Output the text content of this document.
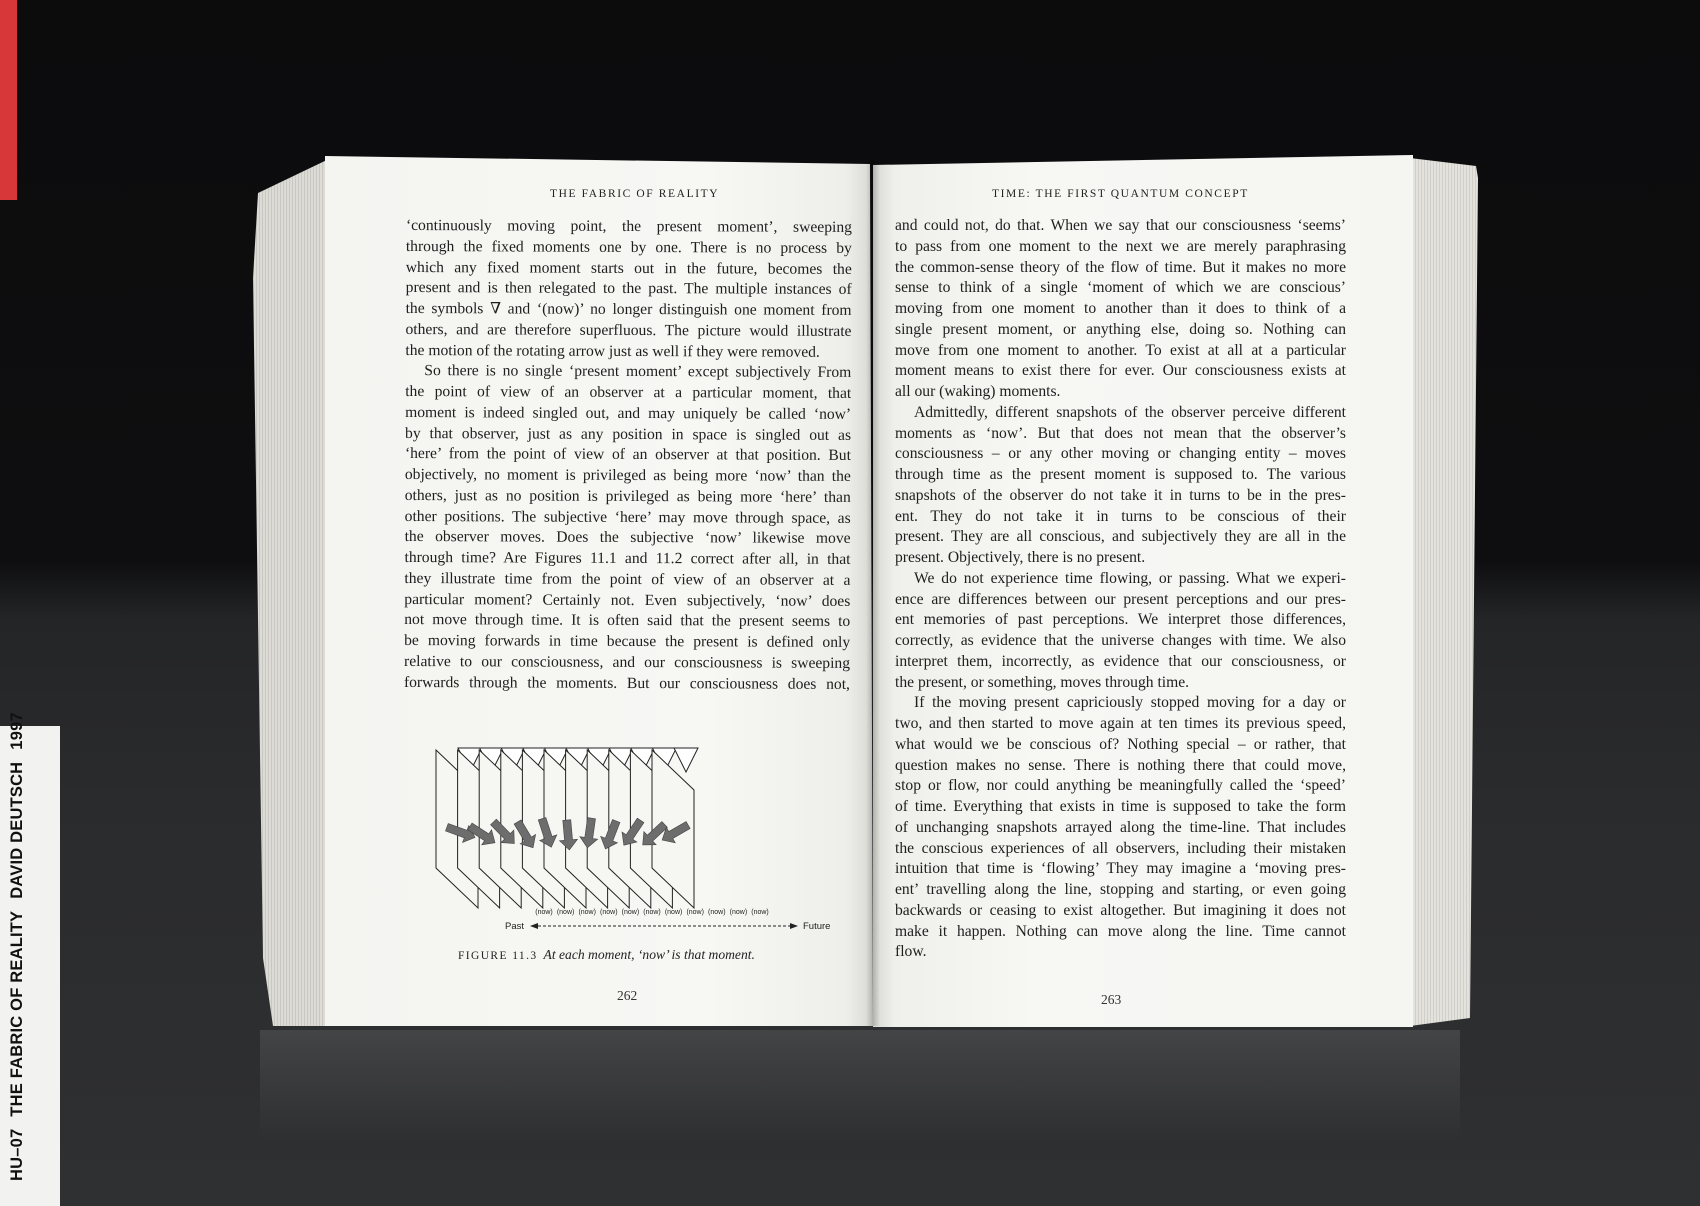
HU–07THE FABRIC OF REALITYDAVID DEUTSCH1997
THE FABRIC OF REALITY	TIME: THE FIRST QUANTUM CONCEPT
‘continuously moving point, the present moment’, sweeping
through the fixed moments one by one. There is no process by
which any fixed moment starts out in the future, becomes the
present and is then relegated to the past. The multiple instances of
the symbols ∇ and ‘(now)’ no longer distinguish one moment from
others, and are therefore superfluous. The picture would illustrate
the motion of the rotating arrow just as well if they were removed.
So there is no single ‘present moment’ except subjectively From
the point of view of an observer at a particular moment, that
moment is indeed singled out, and may uniquely be called ‘now’
by that observer, just as any position in space is singled out as
‘here’ from the point of view of an observer at that position. But
objectively, no moment is privileged as being more ‘now’ than the
others, just as no position is privileged as being more ‘here’ than
other positions. The subjective ‘here’ may move through space, as
the observer moves. Does the subjective ‘now’ likewise move
through time? Are Figures 11.1 and 11.2 correct after all, in that
they illustrate time from the point of view of an observer at a
particular moment? Certainly not. Even subjectively, ‘now’ does
not move through time. It is often said that the present seems to
be moving forwards in time because the present is defined only
relative to our consciousness, and our consciousness is sweeping
forwards through the moments. But our consciousness does not,
and could not, do that. When we say that our consciousness ‘seems’
to pass from one moment to the next we are merely paraphrasing
the common-sense theory of the flow of time. But it makes no more
sense to think of a single ‘moment of which we are conscious’
moving from one moment to another than it does to think of a
single present moment, or anything else, doing so. Nothing can
move from one moment to another. To exist at all at a particular
moment means to exist there for ever. Our consciousness exists at
all our (waking) moments.
Admittedly, different snapshots of the observer perceive different
moments as ‘now’. But that does not mean that the observer’s
consciousness – or any other moving or changing entity – moves
through time as the present moment is supposed to. The various
snapshots of the observer do not take it in turns to be in the pres-
ent. They do not take it in turns to be conscious of their
present. They are all conscious, and subjectively they are all in the
present. Objectively, there is no present.
We do not experience time flowing, or passing. What we experi-
ence are differences between our present perceptions and our pres-
ent memories of past perceptions. We interpret those differences,
correctly, as evidence that the universe changes with time. We also
interpret them, incorrectly, as evidence that our consciousness, or
the present, or something, moves through time.
If the moving present capriciously stopped moving for a day or
two, and then started to move again at ten times its previous speed,
what would we be conscious of? Nothing special – or rather, that
question makes no sense. There is nothing there that could move,
stop or flow, nor could anything be meaningfully called the ‘speed’
of time. Everything that exists in time is supposed to take the form
of unchanging snapshots arrayed along the time-line. That includes
the conscious experiences of all observers, including their mistaken
intuition that time is ‘flowing’ They may imagine a ‘moving pres-
ent’ travelling along the line, stopping and starting, or even going
backwards or ceasing to exist altogether. But imagining it does not
make it happen. Nothing can move along the line. Time cannot
flow.
(now) (now) (now) (now) (now) (now) (now) (now) (now) (now) (now)
Past	Future
FIGURE 11.3 At each moment, ‘now’ is that moment.
262	263
